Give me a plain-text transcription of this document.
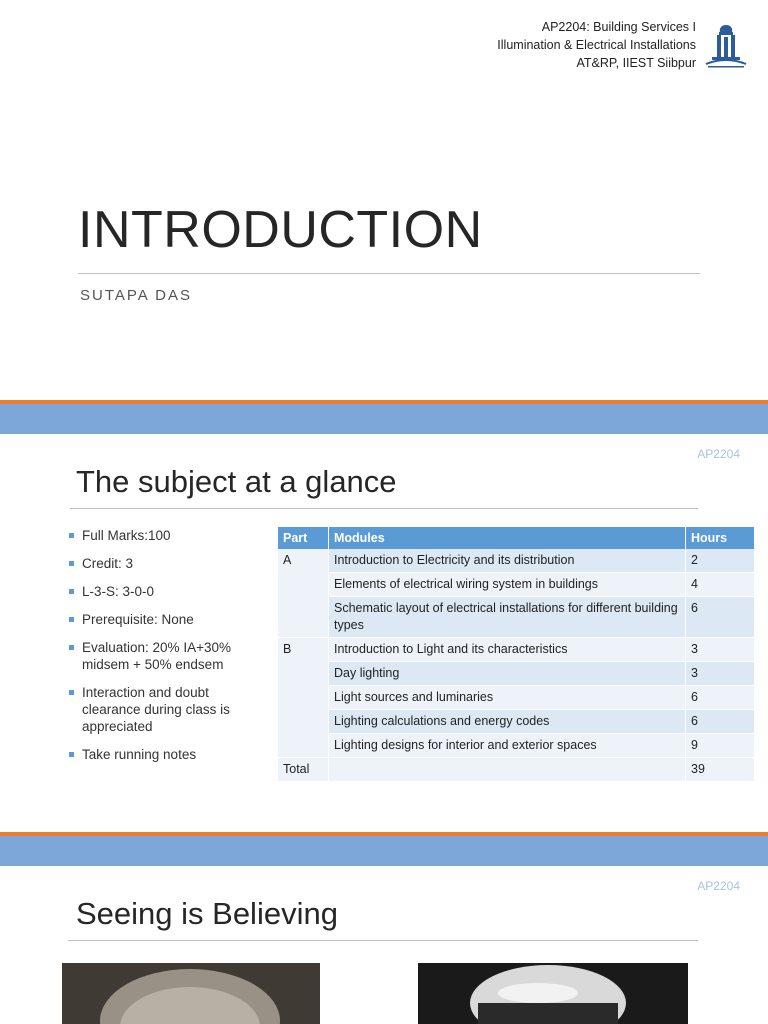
AP2204: Building Services I
Illumination & Electrical Installations
AT&RP, IIEST Siibpur
INTRODUCTION
SUTAPA DAS
AP2204
The subject at a glance
Full Marks:100
Credit: 3
L-3-S: 3-0-0
Prerequisite: None
Evaluation: 20% IA+30% midsem + 50% endsem
Interaction and doubt clearance during class is appreciated
Take running notes
Part	Modules	Hours
A	Introduction to Electricity and its distribution	2
	Elements of electrical wiring system in buildings	4
	Schematic layout of electrical installations for different building types	6
B	Introduction to Light and its characteristics	3
	Day lighting	3
	Light sources and luminaries	6
	Lighting calculations and energy codes	6
	Lighting designs for interior and exterior spaces	9
Total		39
AP2204
Seeing is Believing
